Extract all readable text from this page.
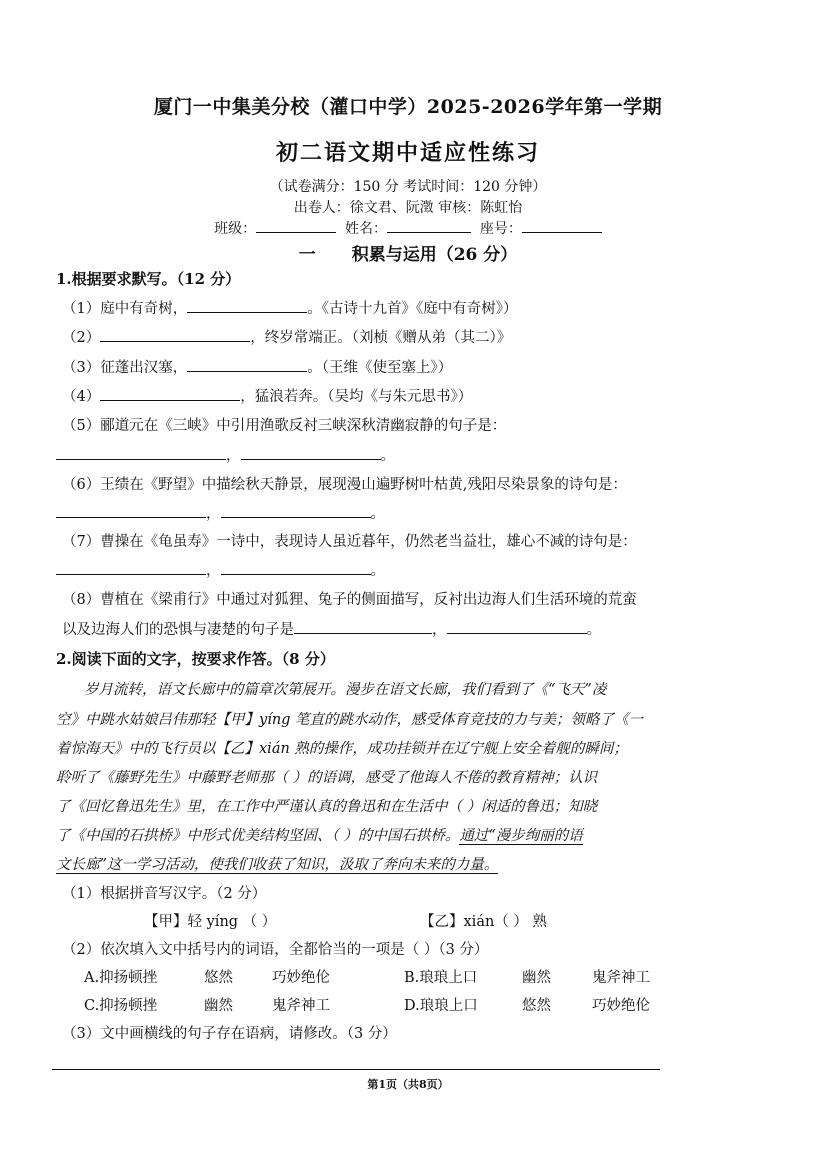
厦门一中集美分校（灌口中学）2025-2026学年第一学期
初二语文期中适应性练习
（试卷满分：150 分 考试时间：120 分钟）
出卷人：徐文君、阮澂 审核：陈虹怡
班级：	姓名：	座号：
一 积累与运用（26 分）
1.根据要求默写。（12 分）
（1）庭中有奇树，	。《古诗十九首》《庭中有奇树》）
（2）	，终岁常端正。（刘桢《赠从弟（其二）》
（3）征蓬出汉塞，	。（王维《使至塞上》）
（4）	，猛浪若奔。（吴均《与朱元思书》）
（5）郦道元在《三峡》中引用渔歌反衬三峡深秋清幽寂静的句子是：
，	。
（6）王绩在《野望》中描绘秋天静景，展现漫山遍野树叶枯黄,残阳尽染景象的诗句是：
，	。
（7）曹操在《龟虽寿》一诗中，表现诗人虽近暮年，仍然老当益壮，雄心不减的诗句是：
，	。
（8）曹植在《梁甫行》中通过对狐狸、兔子的侧面描写，反衬出边海人们生活环境的荒蛮
以及边海人们的恐惧与凄楚的句子是	，	。
2.阅读下面的文字，按要求作答。（8 分）
岁月流转，语文长廊中的篇章次第展开。漫步在语文长廊，我们看到了《“飞天”凌
空》中跳水姑娘吕伟那轻【甲】yíng 笔直的跳水动作，感受体育竞技的力与美；领略了《一
着惊海天》中的飞行员以【乙】xián 熟的操作，成功挂锁并在辽宁舰上安全着舰的瞬间；
聆听了《藤野先生》中藤野老师那（ ）的语调，感受了他诲人不倦的教育精神；认识
了《回忆鲁迅先生》里，在工作中严谨认真的鲁迅和在生活中（ ）闲适的鲁迅；知晓
了《中国的石拱桥》中形式优美结构坚固、（ ）的中国石拱桥。通过“漫步绚丽的语
文长廊”这一学习活动，使我们收获了知识，汲取了奔向未来的力量。
（1）根据拼音写汉字。（2 分）
【甲】轻 yíng （ ）	【乙】xián（ ） 熟
（2）依次填入文中括号内的词语，全都恰当的一项是（ ）（3 分）
A.抑扬顿挫	悠然	巧妙绝伦	B.琅琅上口	幽然	鬼斧神工
C.抑扬顿挫	幽然	鬼斧神工	D.琅琅上口	悠然	巧妙绝伦
（3）文中画横线的句子存在语病，请修改。（3 分）
第1页（共8页）
